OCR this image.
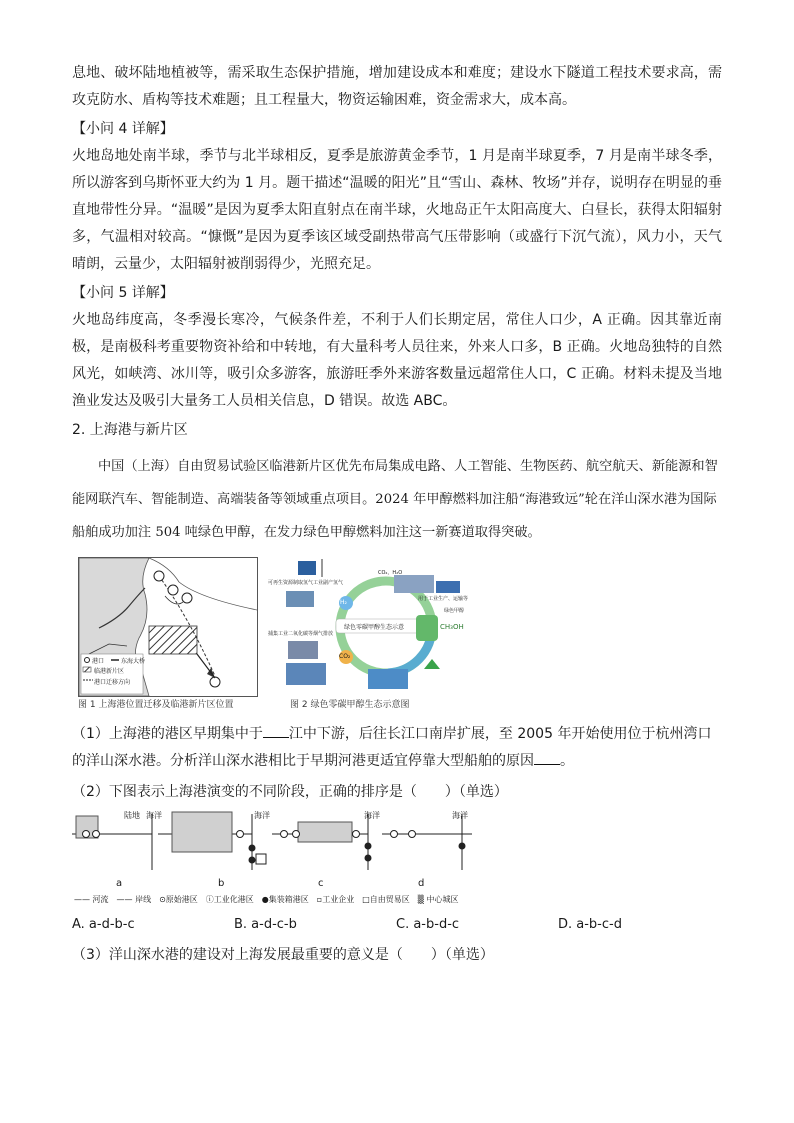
息地、破坏陆地植被等，需采取生态保护措施，增加建设成本和难度；建设水下隧道工程技术要求高，需攻克防水、盾构等技术难题；且工程量大，物资运输困难，资金需求大，成本高。

【小问 4 详解】

火地岛地处南半球，季节与北半球相反，夏季是旅游黄金季节，1 月是南半球夏季，7 月是南半球冬季，所以游客到乌斯怀亚大约为 1 月。题干描述“温暖的阳光”且“雪山、森林、牧场”并存，说明存在明显的垂直地带性分异。“温暖”是因为夏季太阳直射点在南半球，火地岛正午太阳高度大、白昼长，获得太阳辐射多，气温相对较高。“慷慨”是因为夏季该区域受副热带高气压带影响（或盛行下沉气流），风力小，天气晴朗，云量少，太阳辐射被削弱得少，光照充足。

【小问 5 详解】

火地岛纬度高，冬季漫长寒冷，气候条件差，不利于人们长期定居，常住人口少，A 正确。因其靠近南极，是南极科考重要物资补给和中转地，有大量科考人员往来，外来人口多，B 正确。火地岛独特的自然风光，如峡湾、冰川等，吸引众多游客，旅游旺季外来游客数量远超常住人口，C 正确。材料未提及当地渔业发达及吸引大量务工人员相关信息，D 错误。故选 ABC。

2. 上海港与新片区

中国（上海）自由贸易试验区临港新片区优先布局集成电路、人工智能、生物医药、航空航天、新能源和智能网联汽车、智能制造、高端装备等领域重点项目。2024 年甲醇燃料加注船“海港致远”轮在洋山深水港为国际船舶成功加注 504 吨绿色甲醇，在发力绿色甲醇燃料加注这一新赛道取得突破。

港口	东海大桥
临港新片区
港口迁移方向
图 1 上海港位置迁移及临港新片区位置
可再生资源制取氢气工业副产氢气
捕集工业二氧化碳等烟气排放
用于工业生产、运输等
绿色甲醇
H₂
CO₂
CH₃OH
CO₂，H₂O
绿色零碳甲醇生态示意
图 2 绿色零碳甲醇生态示意图

（1）上海港的港区早期集中于 江中下游，后往长江口南岸扩展，至 2005 年开始使用位于杭州湾口的洋山深水港。分析洋山深水港相比于早期河港更适宜停靠大型船舶的原因 。

（2）下图表示上海港演变的不同阶段，正确的排序是（　　）（单选）

陆地 海洋	海洋	海洋	海洋
a	b	c	d
—— 河流　—— 岸线　⊙原始港区　ⓘ工业化港区　●集装箱港区　▫工业企业　□自由贸易区　▒ 中心城区
A. a-d-b-c	B. a-d-c-b	C. a-b-d-c	D. a-b-c-d

（3）洋山深水港的建设对上海发展最重要的意义是（　　）（单选）
